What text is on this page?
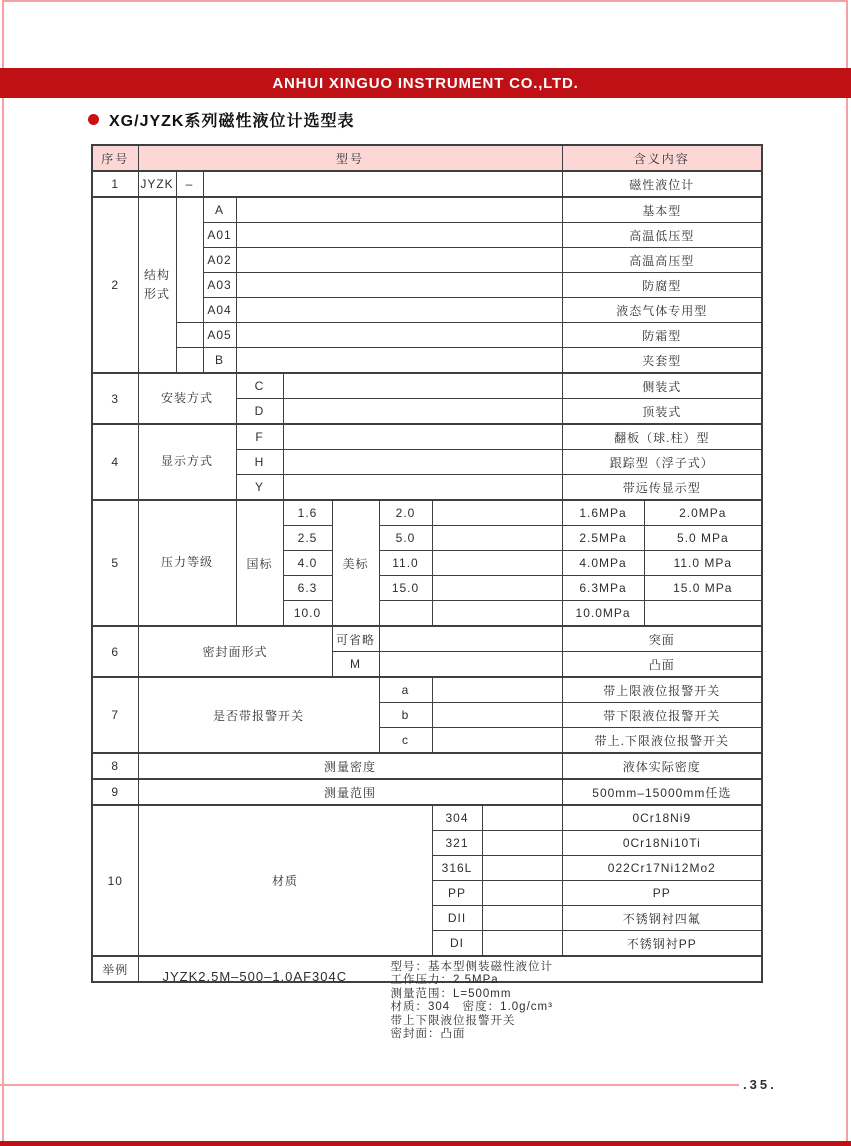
ANHUI XINGUO INSTRUMENT CO.,LTD.
XG/JYZK系列磁性液位计选型表
序号	型号									含义内容	
1	JYZK	–								磁性液位计	
2	结构形式		A							基本型	
			A01							高温低压型	
			A02							高温高压型	
			A03							防腐型	
			A04							液态气体专用型	
			A05							防霜型	
			B							夹套型	
3	安装方式			C						侧装式	
				D						顶装式	
4	显示方式			F						翻板（球.柱）型	
				H						跟踪型（浮子式）	
				Y						带远传显示型	
5	压力等级			国标	1.6	美标	2.0			1.6MPa	2.0MPa
					2.5		5.0			2.5MPa	5.0 MPa
					4.0		11.0			4.0MPa	11.0 MPa
					6.3		15.0			6.3MPa	15.0 MPa
					10.0					10.0MPa	
6	密封面形式					可省略				突面	
						M				凸面	
7	是否带报警开关						a			带上限液位报警开关	
							b			带下限液位报警开关	
							c			带上.下限液位报警开关	
8	测量密度									液体实际密度	
9	测量范围									500mm–15000mm任选	
10	材质							304		0Cr18Ni9	
								321		0Cr18Ni10Ti	
								316L		022Cr17Ni12Mo2	
								PP		PP	
								DII		不锈钢衬四氟	
								DI		不锈钢衬PP	
举例	JYZK2.5M–500–1.0AF304C
型号：基本型侧装磁性液位计
工作压力：2.5MPa
测量范围：L=500mm
材质：304　密度：1.0g/cm³
带上下限液位报警开关
密封面：凸面
.35.
